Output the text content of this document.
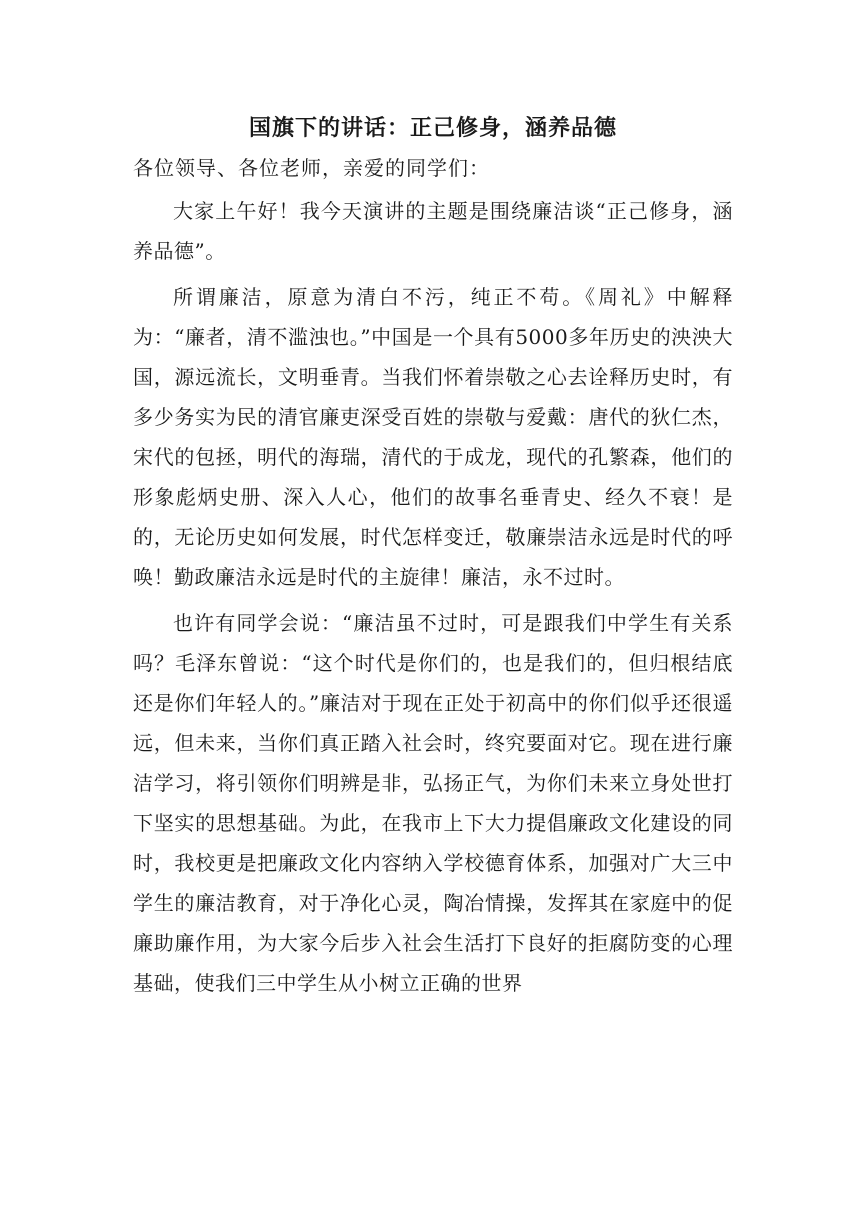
国旗下的讲话：正己修身，涵养品德
各位领导、各位老师，亲爱的同学们：

大家上午好！我今天演讲的主题是围绕廉洁谈“正己修身，涵养品德”。

所谓廉洁，原意为清白不污，纯正不苟。《周礼》中解释为：“廉者，清不滥浊也。”中国是一个具有5000多年历史的泱泱大国，源远流长，文明垂青。当我们怀着崇敬之心去诠释历史时，有多少务实为民的清官廉吏深受百姓的崇敬与爱戴：唐代的狄仁杰，宋代的包拯，明代的海瑞，清代的于成龙，现代的孔繁森，他们的形象彪炳史册、深入人心，他们的故事名垂青史、经久不衰！是的，无论历史如何发展，时代怎样变迁，敬廉崇洁永远是时代的呼唤！勤政廉洁永远是时代的主旋律！廉洁，永不过时。

也许有同学会说：“廉洁虽不过时，可是跟我们中学生有关系吗？毛泽东曾说：“这个时代是你们的，也是我们的，但归根结底还是你们年轻人的。”廉洁对于现在正处于初高中的你们似乎还很遥远，但未来，当你们真正踏入社会时，终究要面对它。现在进行廉洁学习，将引领你们明辨是非，弘扬正气，为你们未来立身处世打下坚实的思想基础。为此，在我市上下大力提倡廉政文化建设的同时，我校更是把廉政文化内容纳入学校德育体系，加强对广大三中学生的廉洁教育，对于净化心灵，陶冶情操，发挥其在家庭中的促廉助廉作用，为大家今后步入社会生活打下良好的拒腐防变的心理基础，使我们三中学生从小树立正确的世界
